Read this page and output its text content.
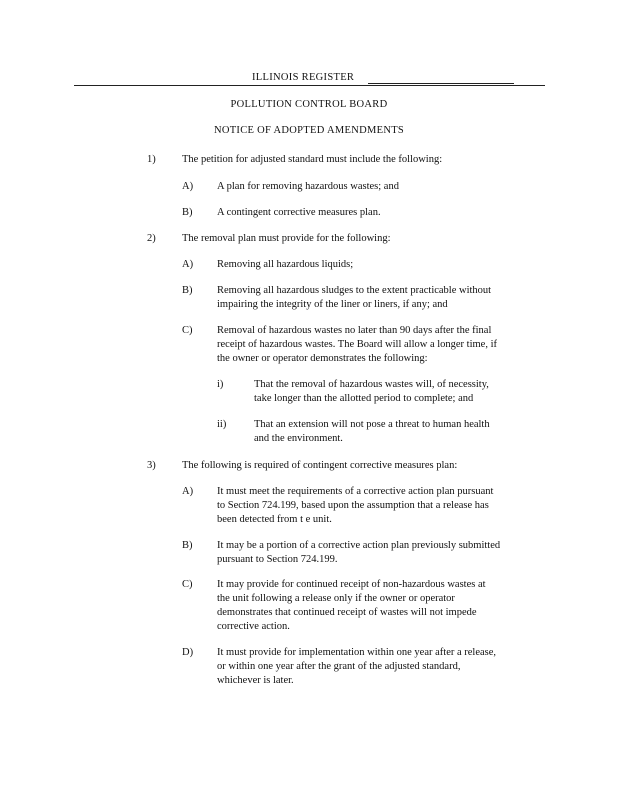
ILLINOIS REGISTER
POLLUTION CONTROL BOARD
NOTICE OF ADOPTED AMENDMENTS
1)	The petition for adjusted standard must include the following:
A) A plan for removing hazardous wastes; and
B) A contingent corrective measures plan.
2)	The removal plan must provide for the following:
A) Removing all hazardous liquids;
B) Removing all hazardous sludges to the extent practicable without
impairing the integrity of the liner or liners, if any; and
C) Removal of hazardous wastes no later than 90 days after the final
receipt of hazardous wastes. The Board will allow a longer time, if
the owner or operator demonstrates the following:
i)	That the removal of hazardous wastes will, of necessity,
take longer than the allotted period to complete; and
ii)	That an extension will not pose a threat to human health
and the environment.
3)	The following is required of contingent corrective measures plan:
A) It must meet the requirements of a corrective action plan pursuant
to Section 724.199, based upon the assumption that a release has
been detected from t e unit.
B) It may be a portion of a corrective action plan previously submitted
pursuant to Section 724.199.
C) It may provide for continued receipt of non-hazardous wastes at
the unit following a release only if the owner or operator
demonstrates that continued receipt of wastes will not impede
corrective action.
D) It must provide for implementation within one year after a release,
or within one year after the grant of the adjusted standard,
whichever is later.
